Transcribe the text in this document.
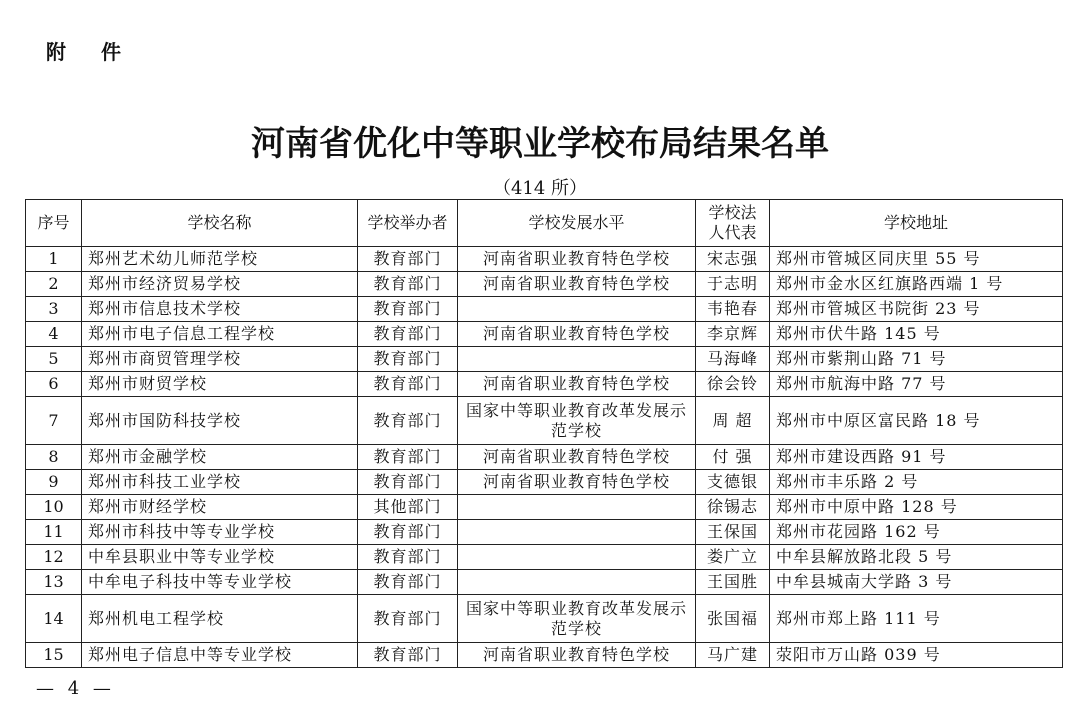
附 件
河南省优化中等职业学校布局结果名单
（414 所）
序号	学校名称	学校举办者	学校发展水平	学校法人代表	学校地址
1	郑州艺术幼儿师范学校	教育部门	河南省职业教育特色学校	宋志强	郑州市管城区同庆里 55 号
2	郑州市经济贸易学校	教育部门	河南省职业教育特色学校	于志明	郑州市金水区红旗路西端 1 号
3	郑州市信息技术学校	教育部门		韦艳春	郑州市管城区书院街 23 号
4	郑州市电子信息工程学校	教育部门	河南省职业教育特色学校	李京辉	郑州市伏牛路 145 号
5	郑州市商贸管理学校	教育部门		马海峰	郑州市紫荆山路 71 号
6	郑州市财贸学校	教育部门	河南省职业教育特色学校	徐会铃	郑州市航海中路 77 号
7	郑州市国防科技学校	教育部门	国家中等职业教育改革发展示范学校	周 超	郑州市中原区富民路 18 号
8	郑州市金融学校	教育部门	河南省职业教育特色学校	付 强	郑州市建设西路 91 号
9	郑州市科技工业学校	教育部门	河南省职业教育特色学校	支德银	郑州市丰乐路 2 号
10	郑州市财经学校	其他部门		徐锡志	郑州市中原中路 128 号
11	郑州市科技中等专业学校	教育部门		王保国	郑州市花园路 162 号
12	中牟县职业中等专业学校	教育部门		娄广立	中牟县解放路北段 5 号
13	中牟电子科技中等专业学校	教育部门		王国胜	中牟县城南大学路 3 号
14	郑州机电工程学校	教育部门	国家中等职业教育改革发展示范学校	张国福	郑州市郑上路 111 号
15	郑州电子信息中等专业学校	教育部门	河南省职业教育特色学校	马广建	荥阳市万山路 039 号
— 4 —
